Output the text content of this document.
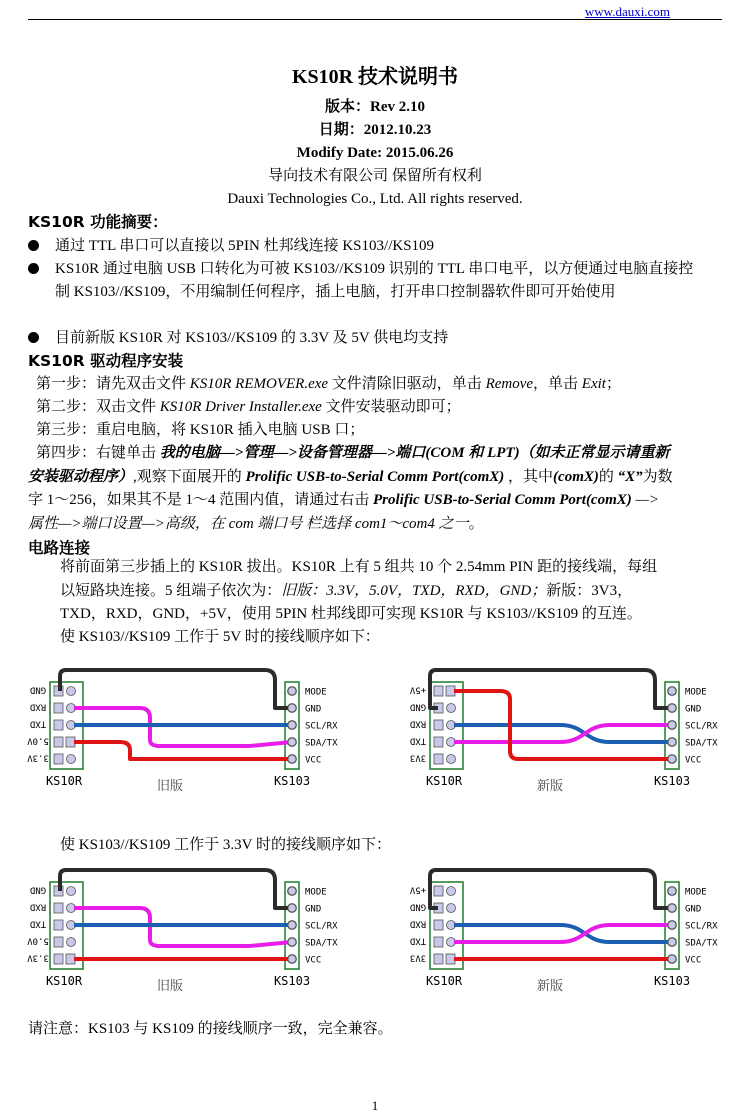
www.dauxi.com
KS10R 技术说明书
版本：Rev 2.10
日期：2012.10.23
Modify Date: 2015.06.26
导向技术有限公司 保留所有权利
Dauxi Technologies Co., Ltd. All rights reserved.
KS10R 功能摘要：
通过 TTL 串口可以直接以 5PIN 杜邦线连接 KS103//KS109
KS10R 通过电脑 USB 口转化为可被 KS103//KS109 识别的 TTL 串口电平，以方便通过电脑直接控制 KS103//KS109，不用编制任何程序，插上电脑，打开串口控制器软件即可开始使用
目前新版 KS10R 对 KS103//KS109 的 3.3V 及 5V 供电均支持
KS10R 驱动程序安装
第一步：请先双击文件 KS10R REMOVER.exe 文件清除旧驱动，单击 Remove，单击 Exit；
第二步：双击文件 KS10R Driver Installer.exe 文件安装驱动即可；
第三步：重启电脑，将 KS10R 插入电脑 USB 口；
第四步：右键单击 我的电脑—>管理—>设备管理器—>端口(COM 和 LPT)（如未正常显示请重新安装驱动程序）,观察下面展开的 Prolific USB-to-Serial Comm Port(comX) ，其中(comX)的 “X”为数字 1～256，如果其不是 1～4 范围内值，请通过右击 Prolific USB-to-Serial Comm Port(comX) —>属性—>端口设置—>高级，在 com 端口号 栏选择 com1～com4 之一。
电路连接
将前面第三步插上的 KS10R 拔出。KS10R 上有 5 组共 10 个 2.54mm PIN 距的接线端，每组以短路块连接。5 组端子依次为：旧版：3.3V，5.0V，TXD，RXD，GND；新版：3V3，TXD，RXD，GND，+5V，使用 5PIN 杜邦线即可实现 KS10R 与 KS103//KS109 的互连。
使 KS103//KS109 工作于 5V 时的接线顺序如下：
使 KS103//KS109 工作于 3.3V 时的接线顺序如下：
请注意：KS103 与 KS109 的接线顺序一致，完全兼容。
GND
RXD
TXD
5.0V
3.3V
KS10R
MODE
GND
SCL/RX
SDA/TX
VCC
KS103
旧版
+5V
GND
RXD
TXD
3V3
KS10R
MODE
GND
SCL/RX
SDA/TX
VCC
KS103
新版
GND
RXD
TXD
5.0V
3.3V
KS10R
MODE
GND
SCL/RX
SDA/TX
VCC
KS103
旧版
+5V
GND
RXD
TXD
3V3
KS10R
MODE
GND
SCL/RX
SDA/TX
VCC
KS103
新版
1
